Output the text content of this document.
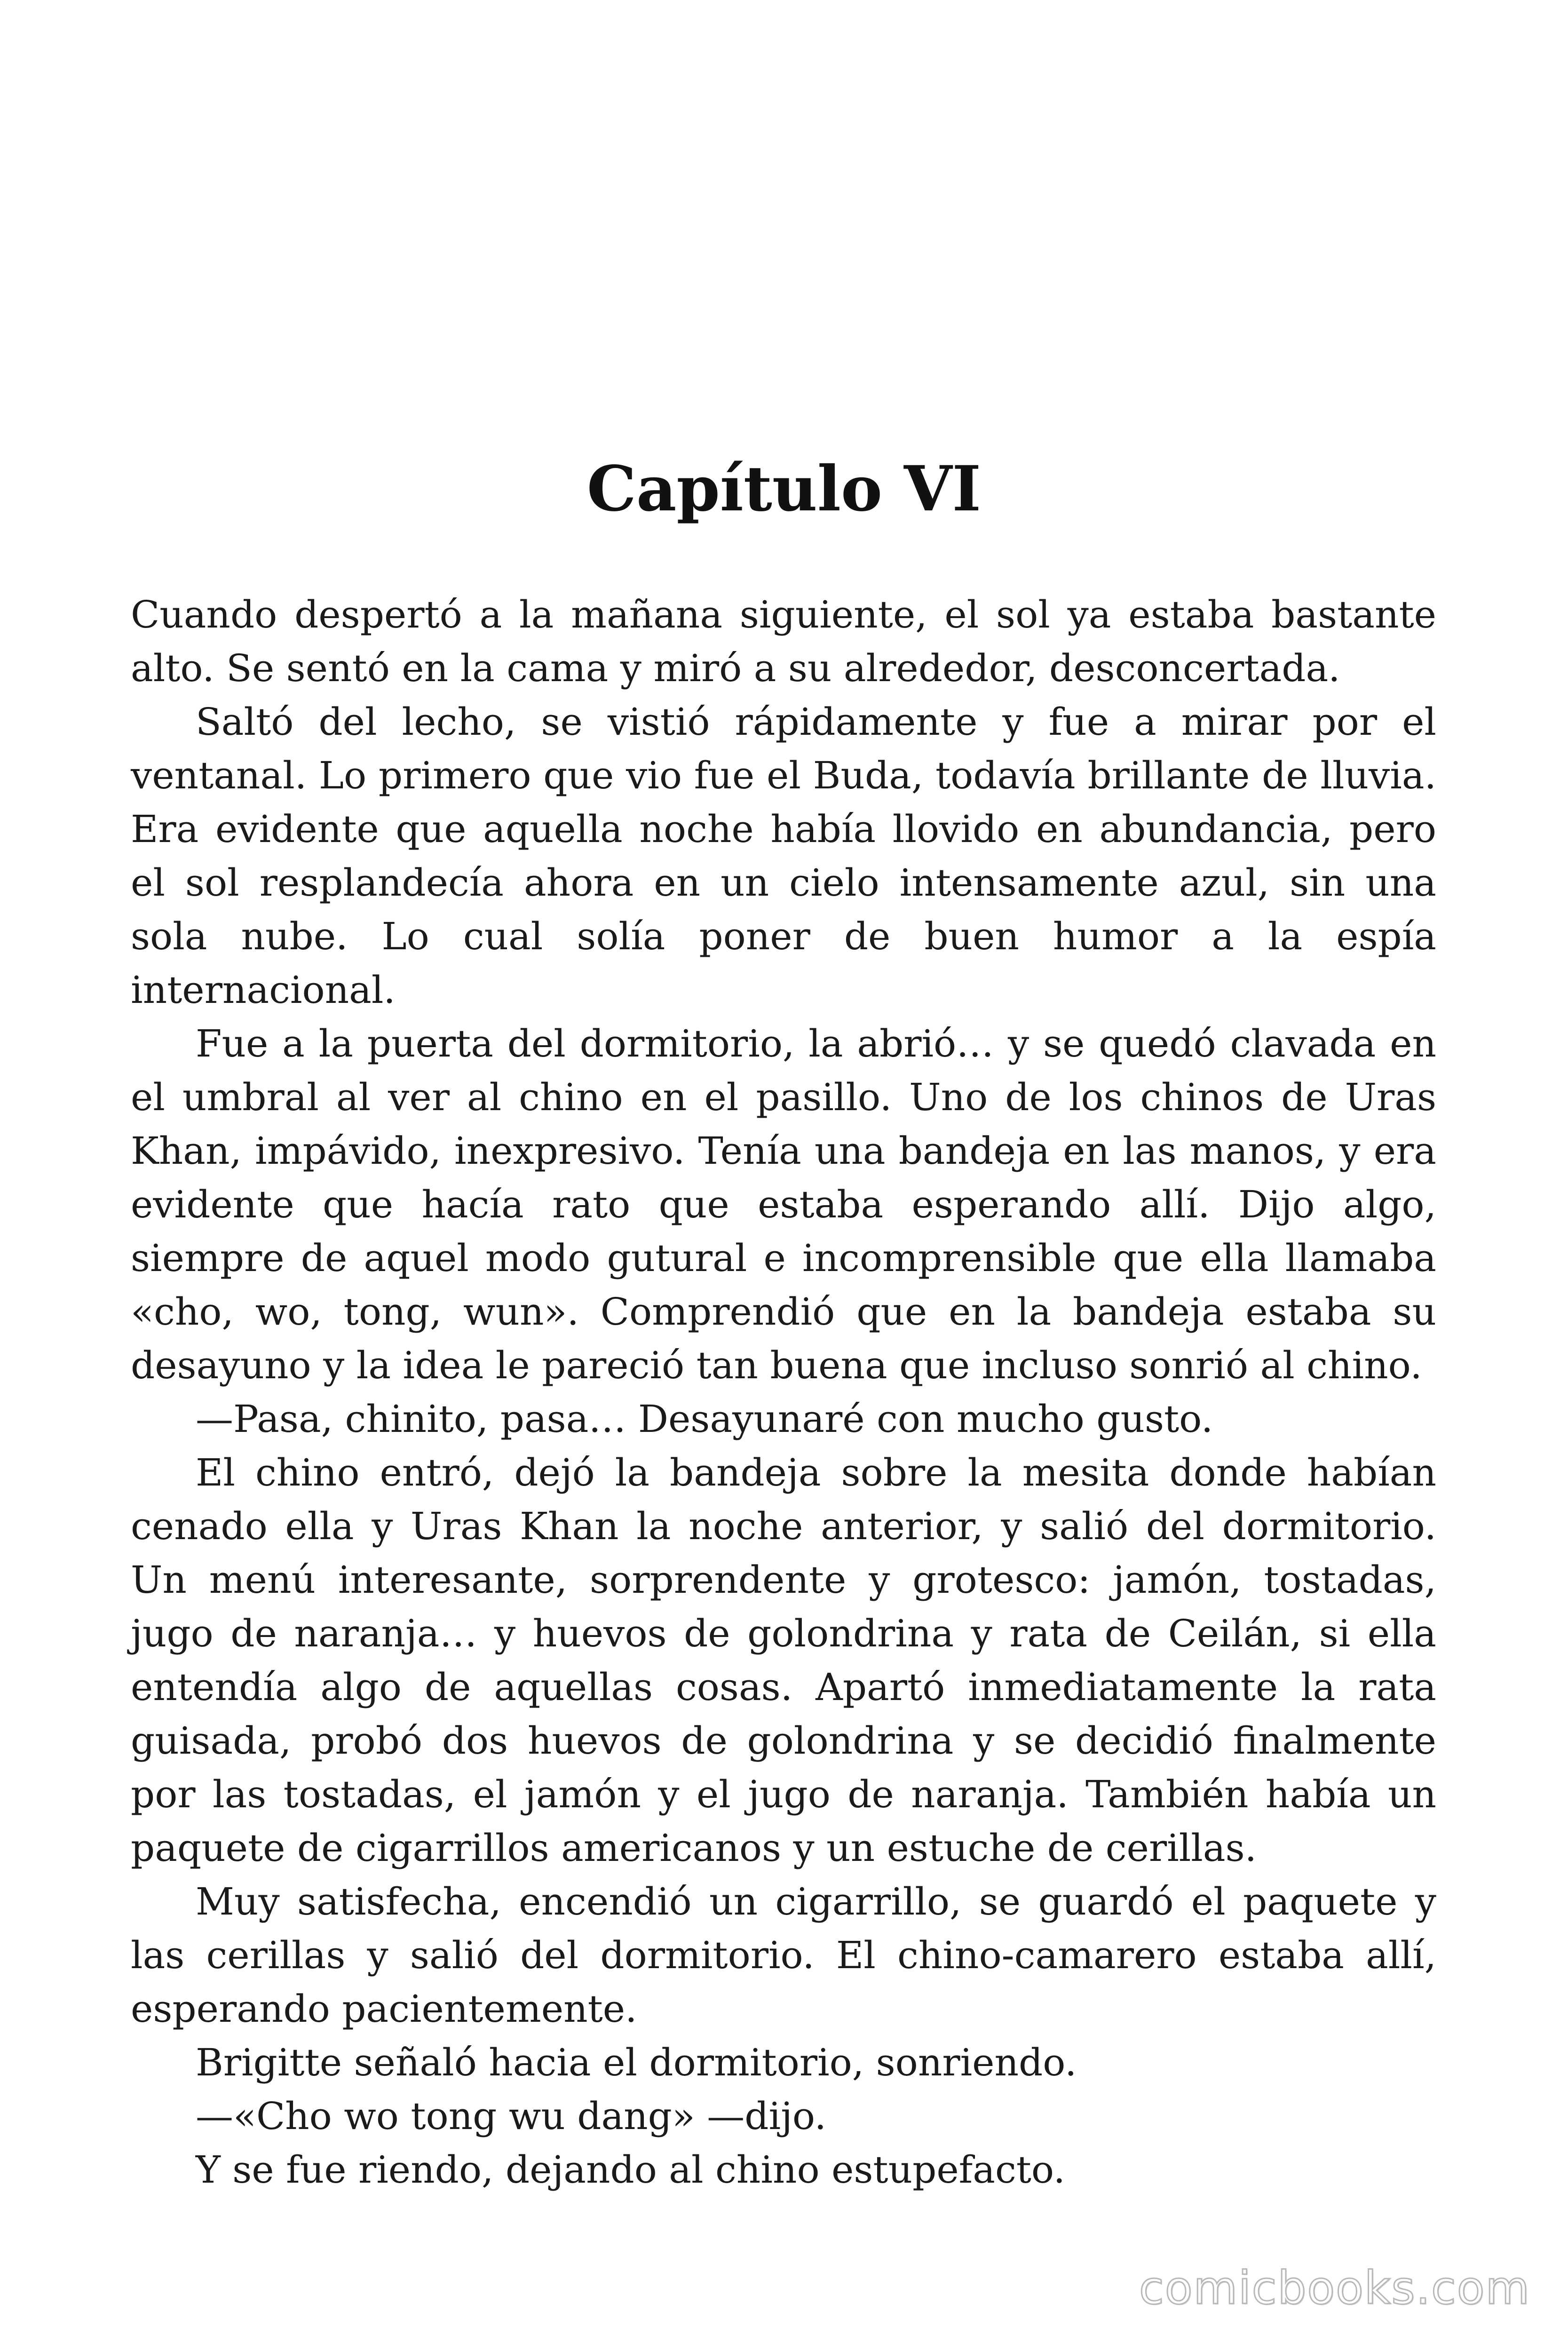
Capítulo VI

Cuando despertó a la mañana siguiente, el sol ya estaba bastante alto. Se sentó en la cama y miró a su alrededor, desconcertada.

Saltó del lecho, se vistió rápidamente y fue a mirar por el ventanal. Lo primero que vio fue el Buda, todavía brillante de lluvia. Era evidente que aquella noche había llovido en abundancia, pero el sol resplandecía ahora en un cielo intensamente azul, sin una sola nube. Lo cual solía poner de buen humor a la espía internacional.

Fue a la puerta del dormitorio, la abrió… y se quedó clavada en el umbral al ver al chino en el pasillo. Uno de los chinos de Uras Khan, impávido, inexpresivo. Tenía una bandeja en las manos, y era evidente que hacía rato que estaba esperando allí. Dijo algo, siempre de aquel modo gutural e incomprensible que ella llamaba «cho, wo, tong, wun». Comprendió que en la bandeja estaba su desayuno y la idea le pareció tan buena que incluso sonrió al chino.

—Pasa, chinito, pasa… Desayunaré con mucho gusto.

El chino entró, dejó la bandeja sobre la mesita donde habían cenado ella y Uras Khan la noche anterior, y salió del dormitorio. Un menú interesante, sorprendente y grotesco: jamón, tostadas, jugo de naranja… y huevos de golondrina y rata de Ceilán, si ella entendía algo de aquellas cosas. Apartó inmediatamente la rata guisada, probó dos huevos de golondrina y se decidió finalmente por las tostadas, el jamón y el jugo de naranja. También había un paquete de cigarrillos americanos y un estuche de cerillas.

Muy satisfecha, encendió un cigarrillo, se guardó el paquete y las cerillas y salió del dormitorio. El chino-camarero estaba allí, esperando pacientemente.

Brigitte señaló hacia el dormitorio, sonriendo.

—«Cho wo tong wu dang» —dijo.

Y se fue riendo, dejando al chino estupefacto.

comicbooks.com
